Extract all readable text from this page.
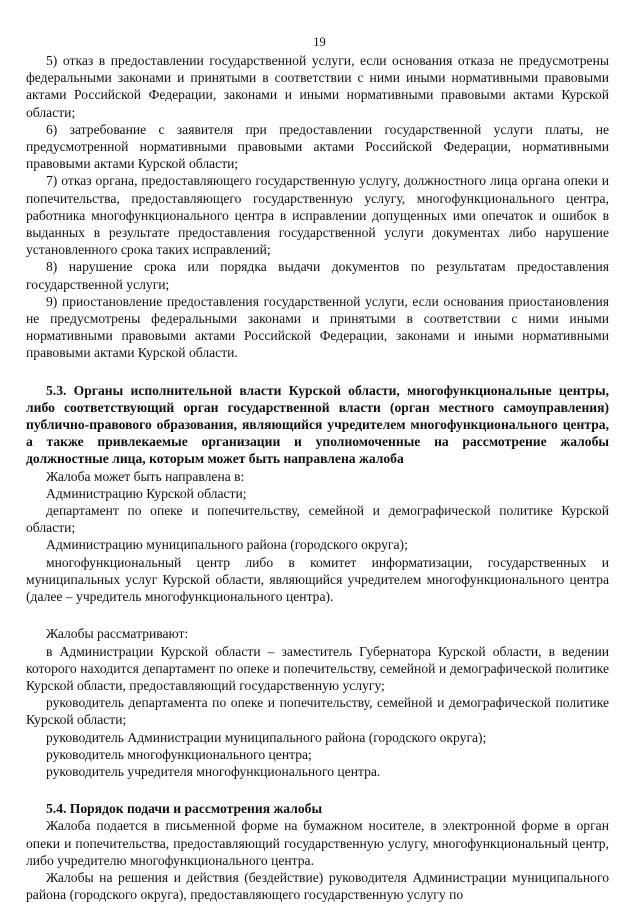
19

5) отказ в предоставлении государственной услуги, если основания отказа не предусмотрены федеральными законами и принятыми в соответствии с ними иными нормативными правовыми актами Российской Федерации, законами и иными нормативными правовыми актами Курской области;

6) затребование с заявителя при предоставлении государственной услуги платы, не предусмотренной нормативными правовыми актами Российской Федерации, нормативными правовыми актами Курской области;

7) отказ органа, предоставляющего государственную услугу, должностного лица органа опеки и попечительства, предоставляющего государственную услугу, многофункционального центра, работника многофункционального центра в исправлении допущенных ими опечаток и ошибок в выданных в результате предоставления государственной услуги документах либо нарушение установленного срока таких исправлений;

8) нарушение срока или порядка выдачи документов по результатам предоставления государственной услуги;

9) приостановление предоставления государственной услуги, если основания приостановления не предусмотрены федеральными законами и принятыми в соответствии с ними иными нормативными правовыми актами Российской Федерации, законами и иными нормативными правовыми актами Курской области.

5.3. Органы исполнительной власти Курской области, многофункциональные центры, либо соответствующий орган государственной власти (орган местного самоуправления) публично-правового образования, являющийся учредителем многофункционального центра, а также привлекаемые организации и уполномоченные на рассмотрение жалобы должностные лица, которым может быть направлена жалоба

Жалоба может быть направлена в:

Администрацию Курской области;

департамент по опеке и попечительству, семейной и демографической политике Курской области;

Администрацию муниципального района (городского округа);

многофункциональный центр либо в комитет информатизации, государственных и муниципальных услуг Курской области, являющийся учредителем многофункционального центра (далее – учредитель многофункционального центра).

Жалобы рассматривают:

в Администрации Курской области – заместитель Губернатора Курской области, в ведении которого находится департамент по опеке и попечительству, семейной и демографической политике Курской области, предоставляющий государственную услугу;

руководитель департамента по опеке и попечительству, семейной и демографической политике Курской области;

руководитель Администрации муниципального района (городского округа);

руководитель многофункционального центра;

руководитель учредителя многофункционального центра.

5.4. Порядок подачи и рассмотрения жалобы

Жалоба подается в письменной форме на бумажном носителе, в электронной форме в орган опеки и попечительства, предоставляющий государственную услугу, многофункциональный центр, либо учредителю многофункционального центра.

Жалобы на решения и действия (бездействие) руководителя Администрации муниципального района (городского округа), предоставляющего государственную услугу по
